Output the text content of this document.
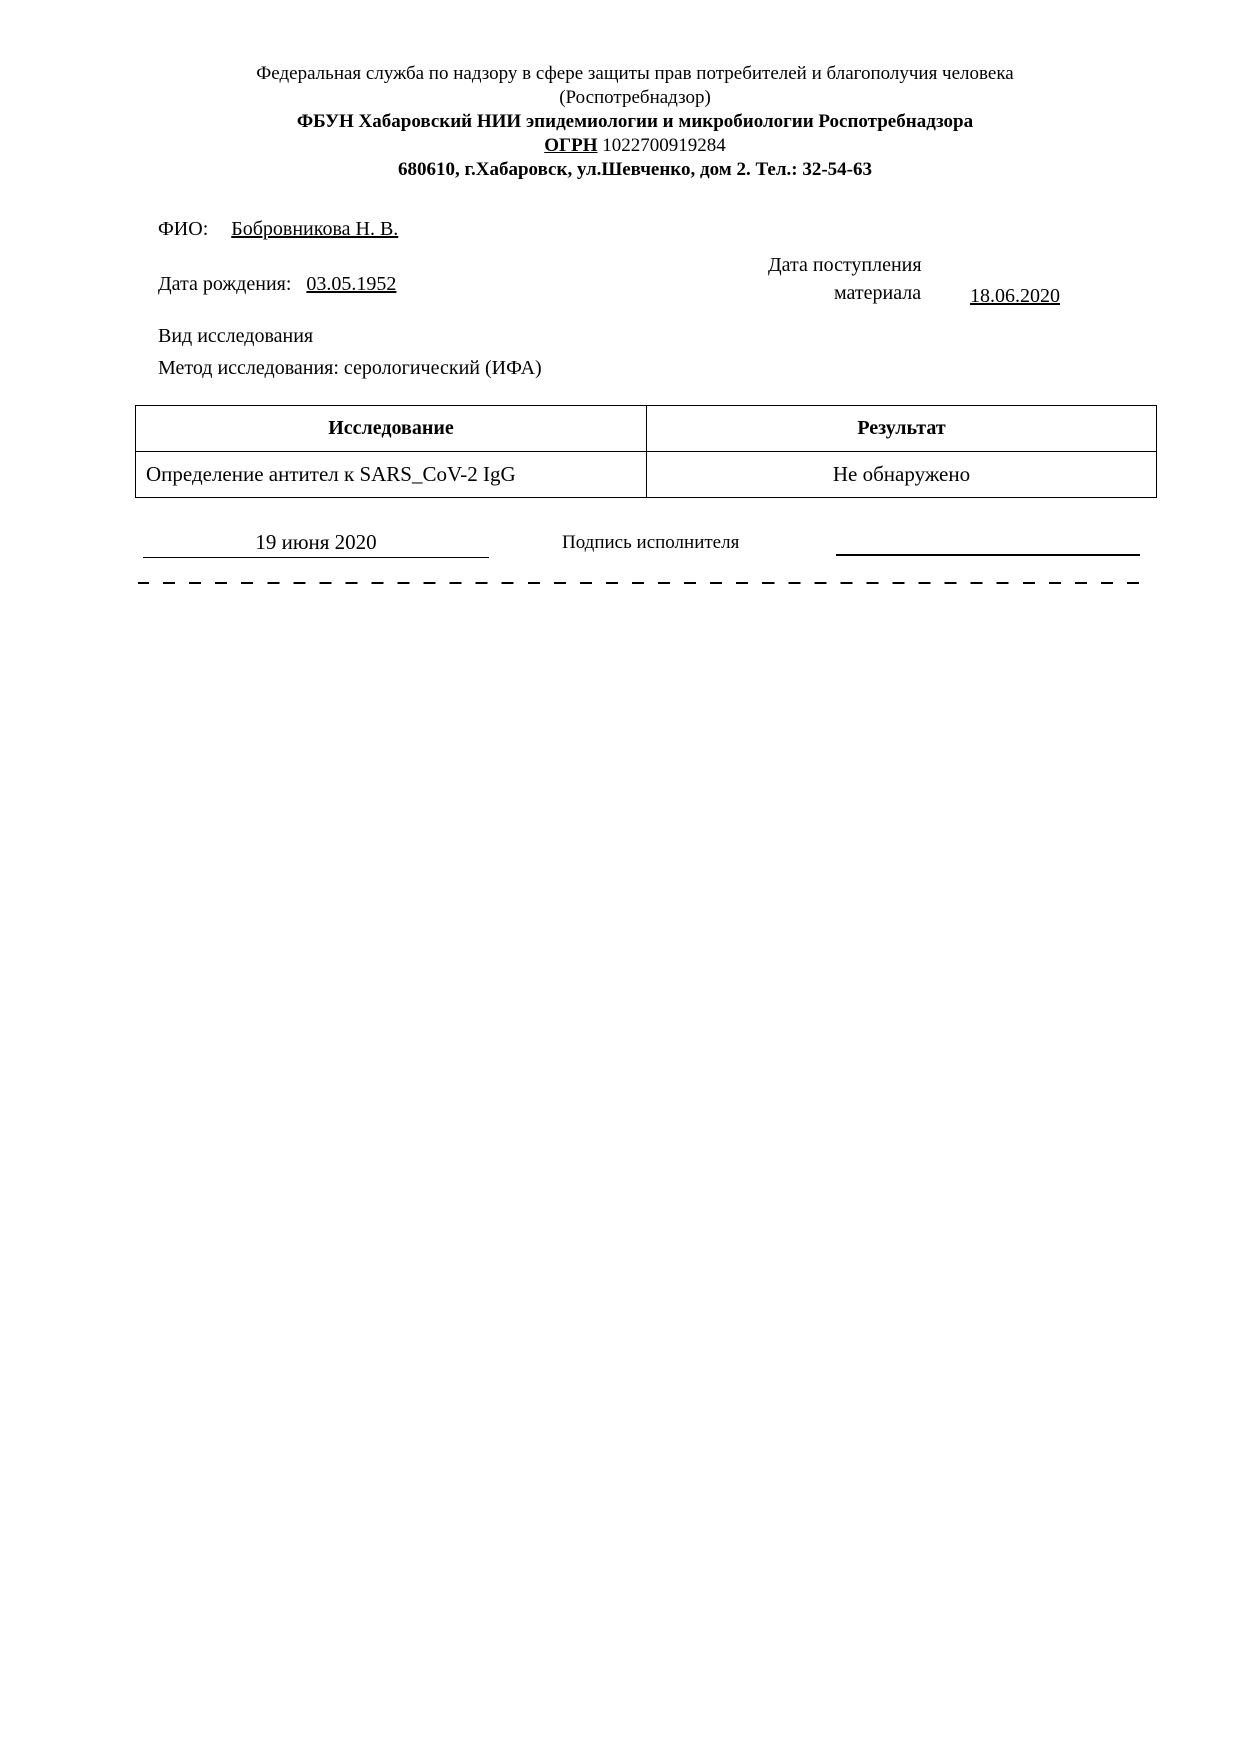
Федеральная служба по надзору в сфере защиты прав потребителей и благополучия человека
(Роспотребнадзор)
ФБУН Хабаровский НИИ эпидемиологии и микробиологии Роспотребнадзора
ОГРН 1022700919284
680610, г.Хабаровск, ул.Шевченко, дом 2. Тел.: 32-54-63
ФИО: Бобровникова Н. В.
Дата рождения: 03.05.1952
Дата поступления
материала 18.06.2020
Вид исследования
Метод исследования: серологический (ИФА)
Исследование	Результат
Определение антител к SARS_CoV-2 IgG	Не обнаружено
19 июня 2020	Подпись исполнителя
